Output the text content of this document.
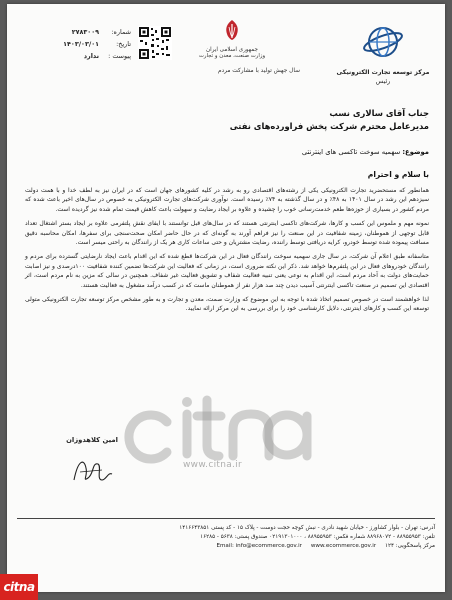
مرکز توسعه تجارت الکترونیکی
رئیس
جمهوری اسلامی ایران
وزارت صنعت، معدن و تجارت
سال جهش تولید با مشارکت مردم
شماره:
۲۷۸۳۰۰۹
تاریخ:
۱۴۰۳/۰۳/۰۱
پیوست :
ندارد
جناب آقای سالاری نسب
مدیرعامل محترم شرکت پخش فراورده‌های نفتی
موضوع: سهمیه سوخت تاکسی های اینترنتی
با سلام و احترام

همانطور که مستحضرید تجارت الکترونیکی یکی از رشته‌های اقتصادی رو به رشد در کلیه کشورهای جهان است که در ایران نیز به لطف خدا و با همت دولت سیزدهم این رشد در سال ۱۴۰۱ به ۴۸٪ و در سال گذشته به ۷۴٪ رسیده است. نوآوری شرکت‌های تجارت الکترونیکی به خصوص در سال‌های اخیر باعث شده که مردم کشور در بسیاری از حوزه‌ها طعم خدمت‌رسانی خوب را چشیده و علاوه بر ایجاد رضایت و سهولت باعث کاهش قیمت تمام شده نیز گردیده است.

نمونه مهم و ملموس این کسب و کارها، شرکت‌های تاکسی اینترنتی هستند که در سال‌های قبل توانستند با ایفای نقش پلتفرمی علاوه بر ایجاد بستر اشتغال تعداد قابل توجهی از هموطنان، زمینه شفافیت در این صنعت را نیز فراهم آورند به گونه‌ای که در حال حاضر امکان صحت‌سنجی برای سفرها، امکان محاسبه دقیق مسافت پیموده شده توسط خودرو، کرایه دریافتی توسط راننده، رضایت مشتریان و حتی ساعات کاری هر یک از رانندگان به راحتی میسر است.

متاسفانه طبق اعلام آن شرکت، در سال جاری سهمیه سوخت رانندگان فعال در این شرکت‌ها قطع شده که این اقدام باعث ایجاد نارضایتی گسترده برای مردم و رانندگان خودروهای فعال در این پلتفرم‌ها خواهد شد. ذکر این نکته ضروری است، در زمانی که فعالیت این شرکت‌ها تضمین کننده شفافیت ۱۰۰درصدی و نیز اصابت حمایت‌های دولت به آحاد مردم است، این اقدام به نوعی یعنی تنبیه فعالیت شفاف و تشویق فعالیت غیر شفاف. همچنین در سالی که مزین به نام مردم است، اثر اقتصادی این تصمیم در صنعت تاکسی اینترنتی آسیب دیدن چند صد هزار نفر از هموطنان ماست که در کسب درآمد مشغول به فعالیت هستند.

لذا خواهشمند است در خصوص تصمیم اتخاذ شده با توجه به این موضوع که وزارت صمت، معدن و تجارت و به طور مشخص مرکز توسعه تجارت الکترونیکی متولی توسعه این کسب و کارهای اینترنتی، دلایل کارشناسی خود را برای بررسی به این مرکز ارائه نمایید.

امین کلاهدوزان
www.citna.ir
آدرس: تهران - بلوار کشاورز - خیابان شهید نادری - نبش کوچه حجت دوست - پلاک ۱۵ - کد پستی ۱۴۱۶۶۴۳۸۵۱
تلفن: ۸۸۹۵۵۹۵۳ - ۸۸۹۶۸۰۷۲ شماره فکس: ۸۸۹۵۵۹۵۳ ، ۰۲۱۹۱۳۰۱۰۰۰ صندوق پستی: ۵۶۳۸ - ۱۶۲۸۵
مرکز پاسخگویی: ۱۲۴     Email: info@ecommerce.gov.ir www.ecommerce.gov.ir
citna
